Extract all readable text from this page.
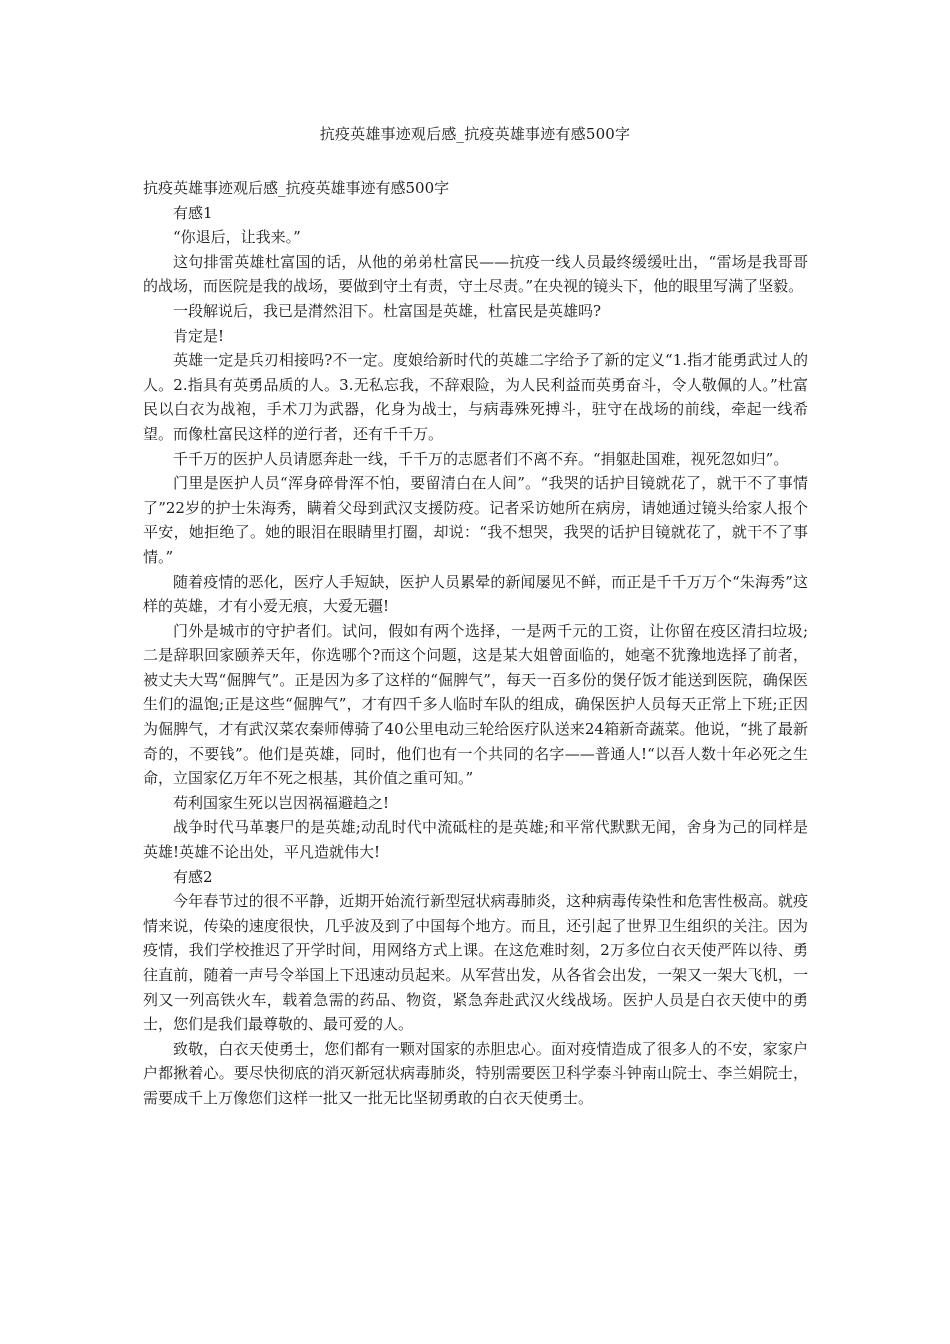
抗疫英雄事迹观后感_抗疫英雄事迹有感500字

抗疫英雄事迹观后感_抗疫英雄事迹有感500字

有感1

“你退后，让我来。”

这句排雷英雄杜富国的话，从他的弟弟杜富民——抗疫一线人员最终缓缓吐出，“雷场是我哥哥的战场，而医院是我的战场，要做到守土有责，守土尽责。”在央视的镜头下，他的眼里写满了坚毅。

一段解说后，我已是潸然泪下。杜富国是英雄，杜富民是英雄吗?

肯定是!

英雄一定是兵刃相接吗?不一定。度娘给新时代的英雄二字给予了新的定义“1.指才能勇武过人的人。2.指具有英勇品质的人。3.无私忘我，不辞艰险，为人民利益而英勇奋斗，令人敬佩的人。”杜富民以白衣为战袍，手术刀为武器，化身为战士，与病毒殊死搏斗，驻守在战场的前线，牵起一线希望。而像杜富民这样的逆行者，还有千千万。

千千万的医护人员请愿奔赴一线，千千万的志愿者们不离不弃。“捐躯赴国难，视死忽如归”。

门里是医护人员“浑身碎骨浑不怕，要留清白在人间”。“我哭的话护目镜就花了，就干不了事情了”22岁的护士朱海秀，瞒着父母到武汉支援防疫。记者采访她所在病房，请她通过镜头给家人报个平安，她拒绝了。她的眼泪在眼睛里打圈，却说：“我不想哭，我哭的话护目镜就花了，就干不了事情。”

随着疫情的恶化，医疗人手短缺，医护人员累晕的新闻屡见不鲜，而正是千千万万个“朱海秀”这样的英雄，才有小爱无痕，大爱无疆!

门外是城市的守护者们。试问，假如有两个选择，一是两千元的工资，让你留在疫区清扫垃圾;二是辞职回家颐养天年，你选哪个?而这个问题，这是某大姐曾面临的，她毫不犹豫地选择了前者，被丈夫大骂“倔脾气”。正是因为多了这样的“倔脾气”，每天一百多份的煲仔饭才能送到医院，确保医生们的温饱;正是这些“倔脾气”，才有四千多人临时车队的组成，确保医护人员每天正常上下班;正因为倔脾气，才有武汉菜农秦师傅骑了40公里电动三轮给医疗队送来24箱新奇蔬菜。他说，“挑了最新奇的，不要钱”。他们是英雄，同时，他们也有一个共同的名字——普通人!“以吾人数十年必死之生命，立国家亿万年不死之根基，其价值之重可知。”

苟利国家生死以岂因祸福避趋之!

战争时代马革裹尸的是英雄;动乱时代中流砥柱的是英雄;和平常代默默无闻，舍身为己的同样是英雄!英雄不论出处，平凡造就伟大!

有感2

今年春节过的很不平静，近期开始流行新型冠状病毒肺炎，这种病毒传染性和危害性极高。就疫情来说，传染的速度很快，几乎波及到了中国每个地方。而且，还引起了世界卫生组织的关注。因为疫情，我们学校推迟了开学时间，用网络方式上课。在这危难时刻，2万多位白衣天使严阵以待、勇往直前，随着一声号令举国上下迅速动员起来。从军营出发，从各省会出发，一架又一架大飞机，一列又一列高铁火车，载着急需的药品、物资，紧急奔赴武汉火线战场。医护人员是白衣天使中的勇士，您们是我们最尊敬的、最可爱的人。

致敬，白衣天使勇士，您们都有一颗对国家的赤胆忠心。面对疫情造成了很多人的不安，家家户户都揪着心。要尽快彻底的消灭新冠状病毒肺炎，特别需要医卫科学泰斗钟南山院士、李兰娟院士，需要成千上万像您们这样一批又一批无比坚韧勇敢的白衣天使勇士。
